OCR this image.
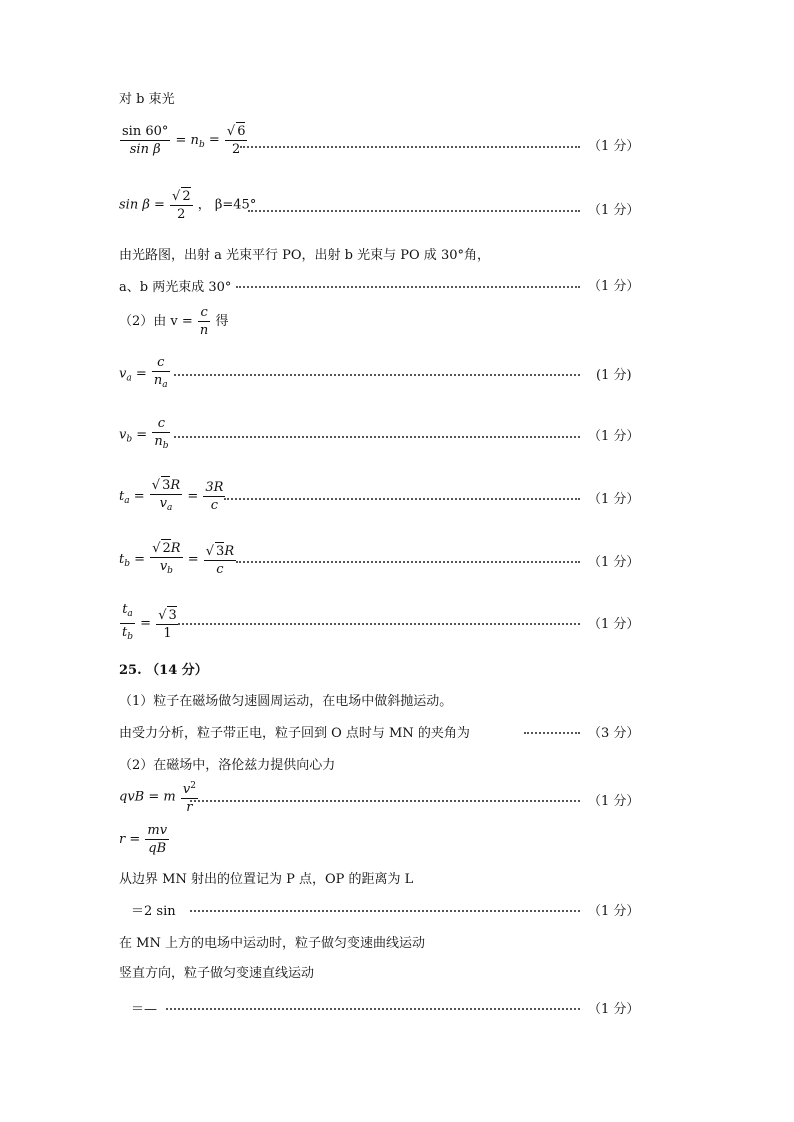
对 b 束光
$\frac{\sin 60^\circ}{\text{sin β}} = n_b = \frac{√ 6}{2}$	（1 分）
$\sin \beta = \frac{√ 2}{2}$ ， β=45°	（1 分）
由光路图，出射 a 光束平行 PO，出射 b 光束与 PO 成 30°角，
a、b 两光束成 30°	（1 分）
（2）由 $v = \frac{c}{n}$ 得
$v_a = \frac{c}{n_a}$	(1 分)
$v_b = \frac{c}{n_b}$	（1 分）
$t_a = \frac{√ 3R}{v_a} = \frac{3R}{c}$	（1 分）
$t_b = \frac{√ 2R}{v_b} = \frac{√ 3R}{c}$	（1 分）
$\frac{t_a}{t_b} = \frac{√ 3}{1}$	（1 分）
25. （14 分）
（1）粒子在磁场做匀速圆周运动，在电场中做斜抛运动。
由受力分析，粒子带正电，粒子回到 O 点时与 MN 的夹角为	（3 分）
（2）在磁场中，洛伦兹力提供向心力
qvB = m $\frac{v^2}{r}$	（1 分）
$r = \frac{mv}{qB}$
从边界 MN 射出的位置记为 P 点，OP 的距离为 L
＝2 sin	（1 分）
在 MN 上方的电场中运动时，粒子做匀变速曲线运动
竖直方向，粒子做匀变速直线运动
＝—	（1 分）
